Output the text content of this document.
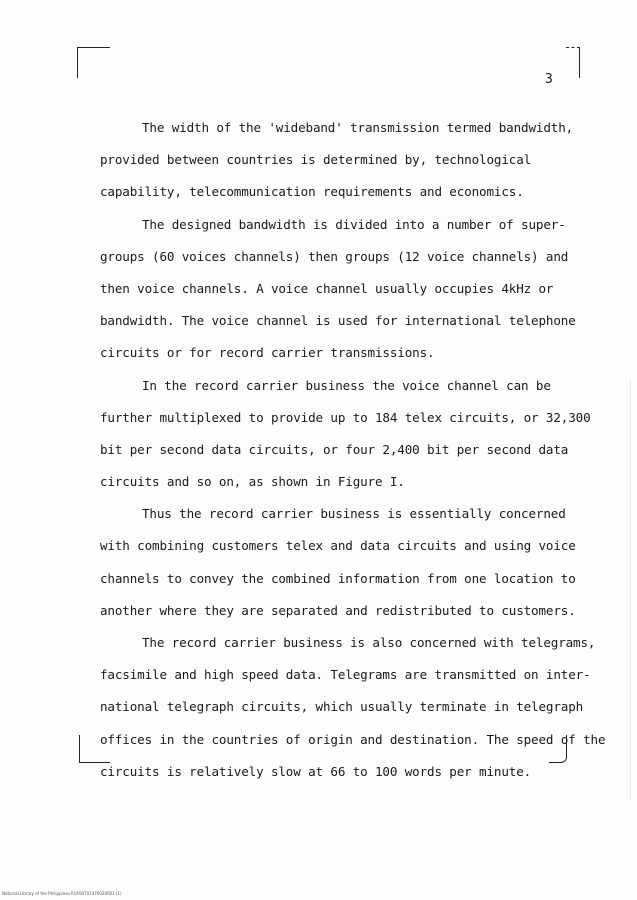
3
The width of the 'wideband' transmission termed bandwidth,
provided between countries is determined by, technological
capability, telecommunication requirements and economics.
The designed bandwidth is divided into a number of super-
groups (60 voices channels) then groups (12 voice channels) and
then voice channels. A voice channel usually occupies 4kHz or
bandwidth. The voice channel is used for international telephone
circuits or for record carrier transmissions.
In the record carrier business the voice channel can be
further multiplexed to provide up to 184 telex circuits, or 32,300
bit per second data circuits, or four 2,400 bit per second data
circuits and so on, as shown in Figure I.
Thus the record carrier business is essentially concerned
with combining customers telex and data circuits and using voice
channels to convey the combined information from one location to
another where they are separated and redistributed to customers.
The record carrier business is also concerned with telegrams,
facsimile and high speed data. Telegrams are transmitted on inter-
national telegraph circuits, which usually terminate in telegraph
offices in the countries of origin and destination. The speed of the
circuits is relatively slow at 66 to 100 words per minute.
National Library of the Philippines RUF00701470020FB1 (1)
